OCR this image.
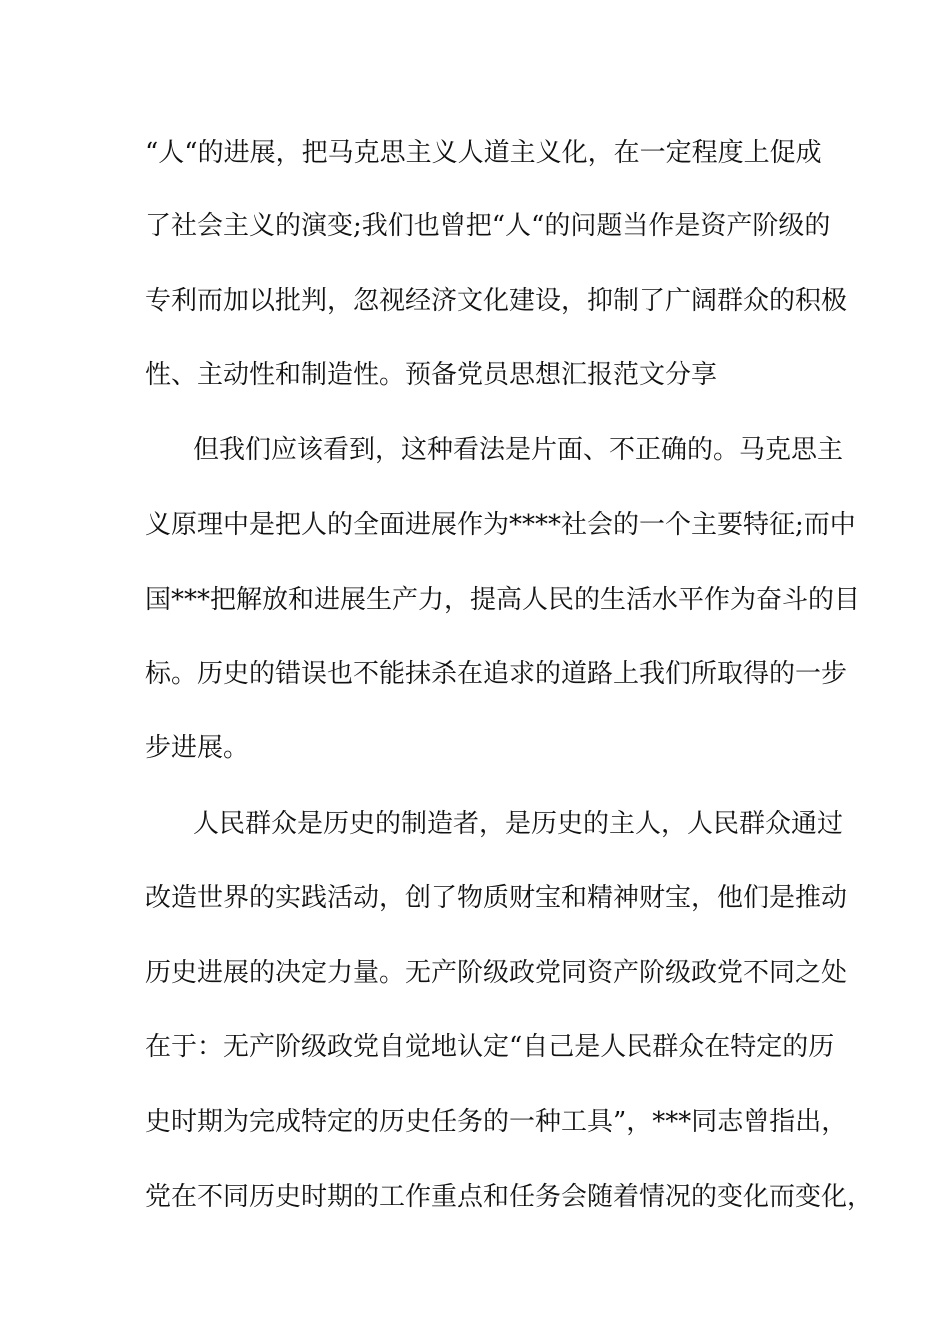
“人“的进展，把马克思主义人道主义化，在一定程度上促成
了社会主义的演变;我们也曾把“人“的问题当作是资产阶级的
专利而加以批判，忽视经济文化建设，抑制了广阔群众的积极
性、主动性和制造性。预备党员思想汇报范文分享
但我们应该看到，这种看法是片面、不正确的。马克思主
义原理中是把人的全面进展作为****社会的一个主要特征;而中
国***把解放和进展生产力，提高人民的生活水平作为奋斗的目
标。历史的错误也不能抹杀在追求的道路上我们所取得的一步
步进展。
人民群众是历史的制造者，是历史的主人，人民群众通过
改造世界的实践活动，创了物质财宝和精神财宝，他们是推动
历史进展的决定力量。无产阶级政党同资产阶级政党不同之处
在于：无产阶级政党自觉地认定“自己是人民群众在特定的历
史时期为完成特定的历史任务的一种工具”，***同志曾指出，
党在不同历史时期的工作重点和任务会随着情况的变化而变化，
